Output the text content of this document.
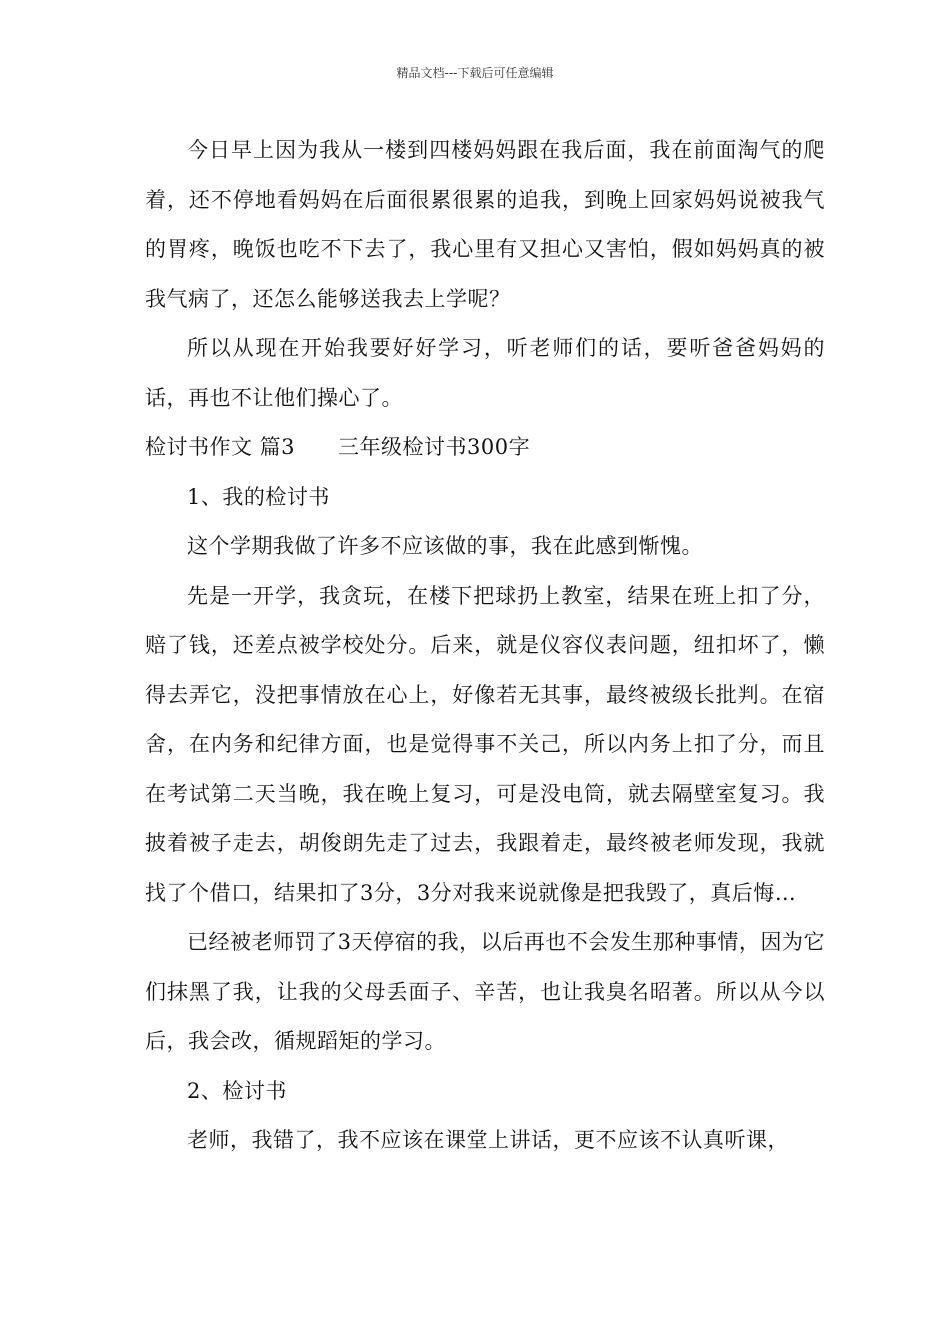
精品文档---下载后可任意编辑

今日早上因为我从一楼到四楼妈妈跟在我后面，我在前面淘气的爬着，还不停地看妈妈在后面很累很累的追我，到晚上回家妈妈说被我气的胃疼，晚饭也吃不下去了，我心里有又担心又害怕，假如妈妈真的被我气病了，还怎么能够送我去上学呢？

所以从现在开始我要好好学习，听老师们的话，要听爸爸妈妈的话，再也不让他们操心了。

检讨书作文 篇3　　三年级检讨书300字

1、我的检讨书

这个学期我做了许多不应该做的事，我在此感到惭愧。

先是一开学，我贪玩，在楼下把球扔上教室，结果在班上扣了分，赔了钱，还差点被学校处分。后来，就是仪容仪表问题，纽扣坏了，懒得去弄它，没把事情放在心上，好像若无其事，最终被级长批判。在宿舍，在内务和纪律方面，也是觉得事不关己，所以内务上扣了分，而且在考试第二天当晚，我在晚上复习，可是没电筒，就去隔壁室复习。我披着被子走去，胡俊朗先走了过去，我跟着走，最终被老师发现，我就找了个借口，结果扣了3分，3分对我来说就像是把我毁了，真后悔…

已经被老师罚了3天停宿的我，以后再也不会发生那种事情，因为它们抹黑了我，让我的父母丢面子、辛苦，也让我臭名昭著。所以从今以后，我会改，循规蹈矩的学习。

2、检讨书

老师，我错了，我不应该在课堂上讲话，更不应该不认真听课，
